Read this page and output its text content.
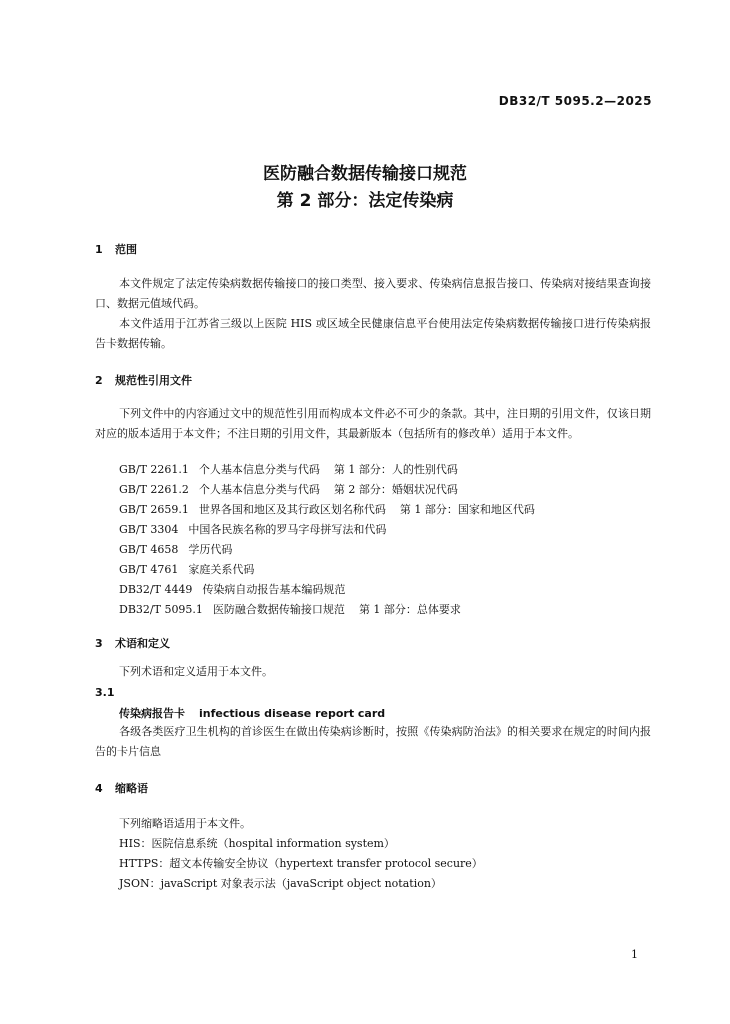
DB32/T 5095.2—2025
医防融合数据传输接口规范
第 2 部分：法定传染病
1 范围
本文件规定了法定传染病数据传输接口的接口类型、接入要求、传染病信息报告接口、传染病对接结果查询接口、数据元值域代码。
本文件适用于江苏省三级以上医院 HIS 或区域全民健康信息平台使用法定传染病数据传输接口进行传染病报告卡数据传输。
2 规范性引用文件
下列文件中的内容通过文中的规范性引用而构成本文件必不可少的条款。其中，注日期的引用文件，仅该日期对应的版本适用于本文件；不注日期的引用文件，其最新版本（包括所有的修改单）适用于本文件。
GB/T 2261.1 个人基本信息分类与代码 第 1 部分：人的性别代码
GB/T 2261.2 个人基本信息分类与代码 第 2 部分：婚姻状况代码
GB/T 2659.1 世界各国和地区及其行政区划名称代码 第 1 部分：国家和地区代码
GB/T 3304 中国各民族名称的罗马字母拼写法和代码
GB/T 4658 学历代码
GB/T 4761 家庭关系代码
DB32/T 4449 传染病自动报告基本编码规范
DB32/T 5095.1 医防融合数据传输接口规范 第 1 部分：总体要求
3 术语和定义
下列术语和定义适用于本文件。
3.1
传染病报告卡 infectious disease report card
各级各类医疗卫生机构的首诊医生在做出传染病诊断时，按照《传染病防治法》的相关要求在规定的时间内报告的卡片信息
4 缩略语
下列缩略语适用于本文件。
HIS：医院信息系统（hospital information system）
HTTPS：超文本传输安全协议（hypertext transfer protocol secure）
JSON：javaScript 对象表示法（javaScript object notation）
1
